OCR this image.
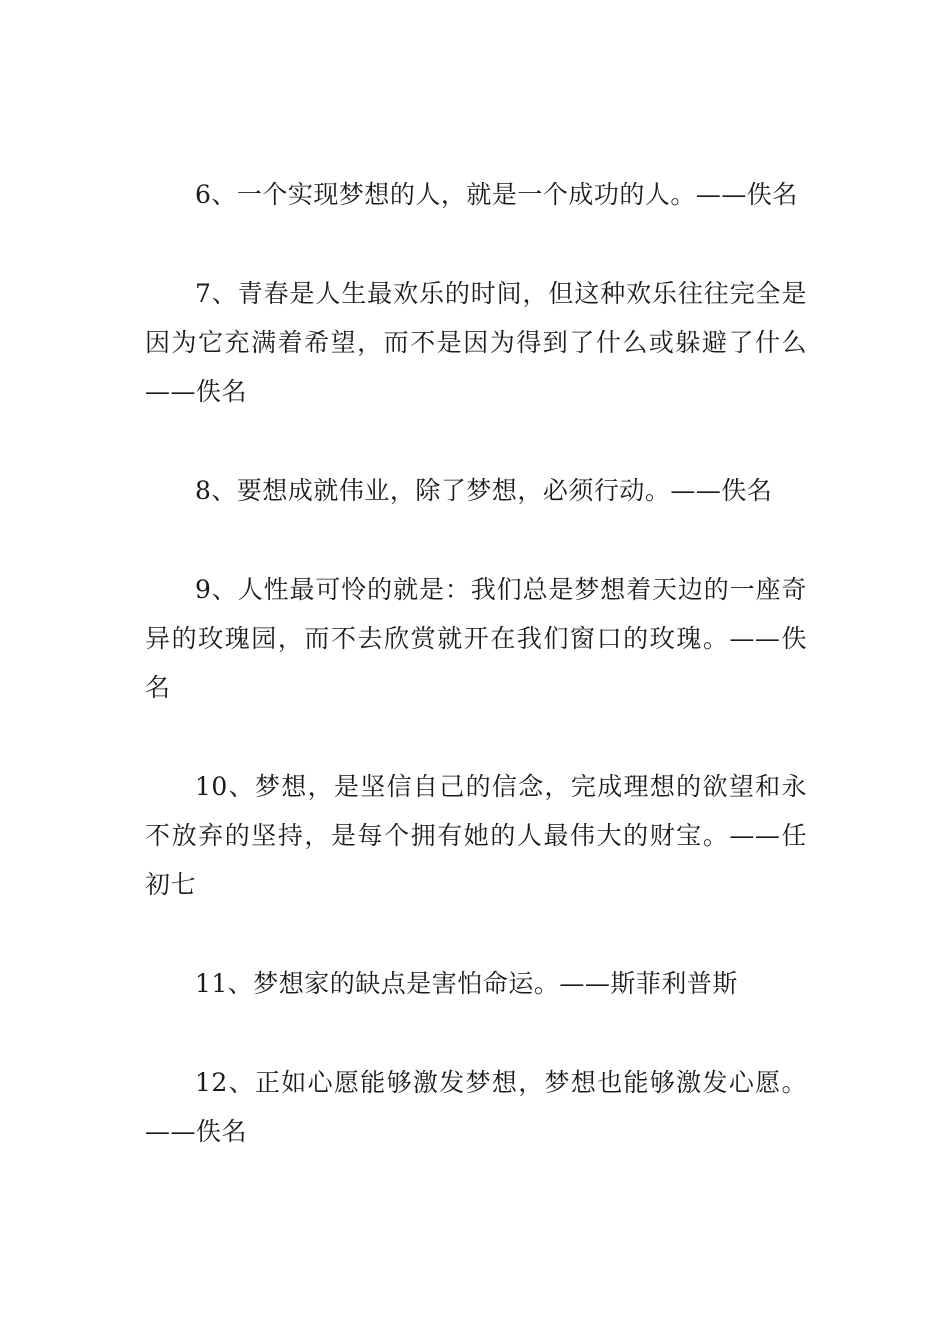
6、一个实现梦想的人，就是一个成功的人。——佚名

7、青春是人生最欢乐的时间，但这种欢乐往往完全是因为它充满着希望，而不是因为得到了什么或躲避了什么——佚名

8、要想成就伟业，除了梦想，必须行动。——佚名

9、人性最可怜的就是：我们总是梦想着天边的一座奇异的玫瑰园，而不去欣赏就开在我们窗口的玫瑰。——佚名

10、梦想，是坚信自己的信念，完成理想的欲望和永不放弃的坚持，是每个拥有她的人最伟大的财宝。——任初七

11、梦想家的缺点是害怕命运。——斯菲利普斯

12、正如心愿能够激发梦想，梦想也能够激发心愿。——佚名
